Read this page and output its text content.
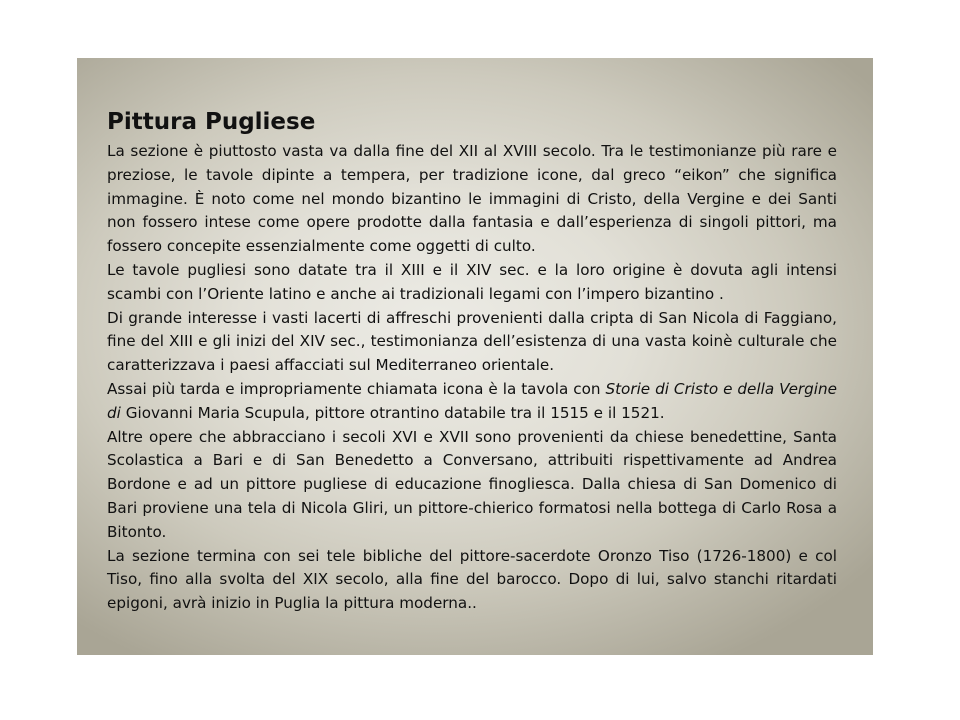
Pittura Pugliese

La sezione è piuttosto vasta va dalla fine del XII al XVIII secolo. Tra le testimonianze più rare e preziose, le tavole dipinte a tempera, per tradizione icone, dal greco “eikon” che significa immagine. È noto come nel mondo bizantino le immagini di Cristo, della Vergine e dei Santi non fossero intese come opere prodotte dalla fantasia e dall’esperienza di singoli pittori, ma fossero concepite essenzialmente come oggetti di culto.

Le tavole pugliesi sono datate tra il XIII e il XIV sec. e la loro origine è dovuta agli intensi scambi con l’Oriente latino e anche ai tradizionali legami con l’impero bizantino .

Di grande interesse i vasti lacerti di affreschi provenienti dalla cripta di San Nicola di Faggiano, fine del XIII e gli inizi del XIV sec., testimonianza dell’esistenza di una vasta koinè culturale che caratterizzava i paesi affacciati sul Mediterraneo orientale.

Assai più tarda e impropriamente chiamata icona è la tavola con Storie di Cristo e della Vergine di Giovanni Maria Scupula, pittore otrantino databile tra il 1515 e il 1521.

Altre opere che abbracciano i secoli XVI e XVII sono provenienti da chiese benedettine, Santa Scolastica a Bari e di San Benedetto a Conversano, attribuiti rispettivamente ad Andrea Bordone e ad un pittore pugliese di educazione finogliesca. Dalla chiesa di San Domenico di Bari proviene una tela di Nicola Gliri, un pittore-chierico formatosi nella bottega di Carlo Rosa a Bitonto.

La sezione termina con sei tele bibliche del pittore-sacerdote Oronzo Tiso (1726-1800) e col Tiso, fino alla svolta del XIX secolo, alla fine del barocco. Dopo di lui, salvo stanchi ritardati epigoni, avrà inizio in Puglia la pittura moderna..
